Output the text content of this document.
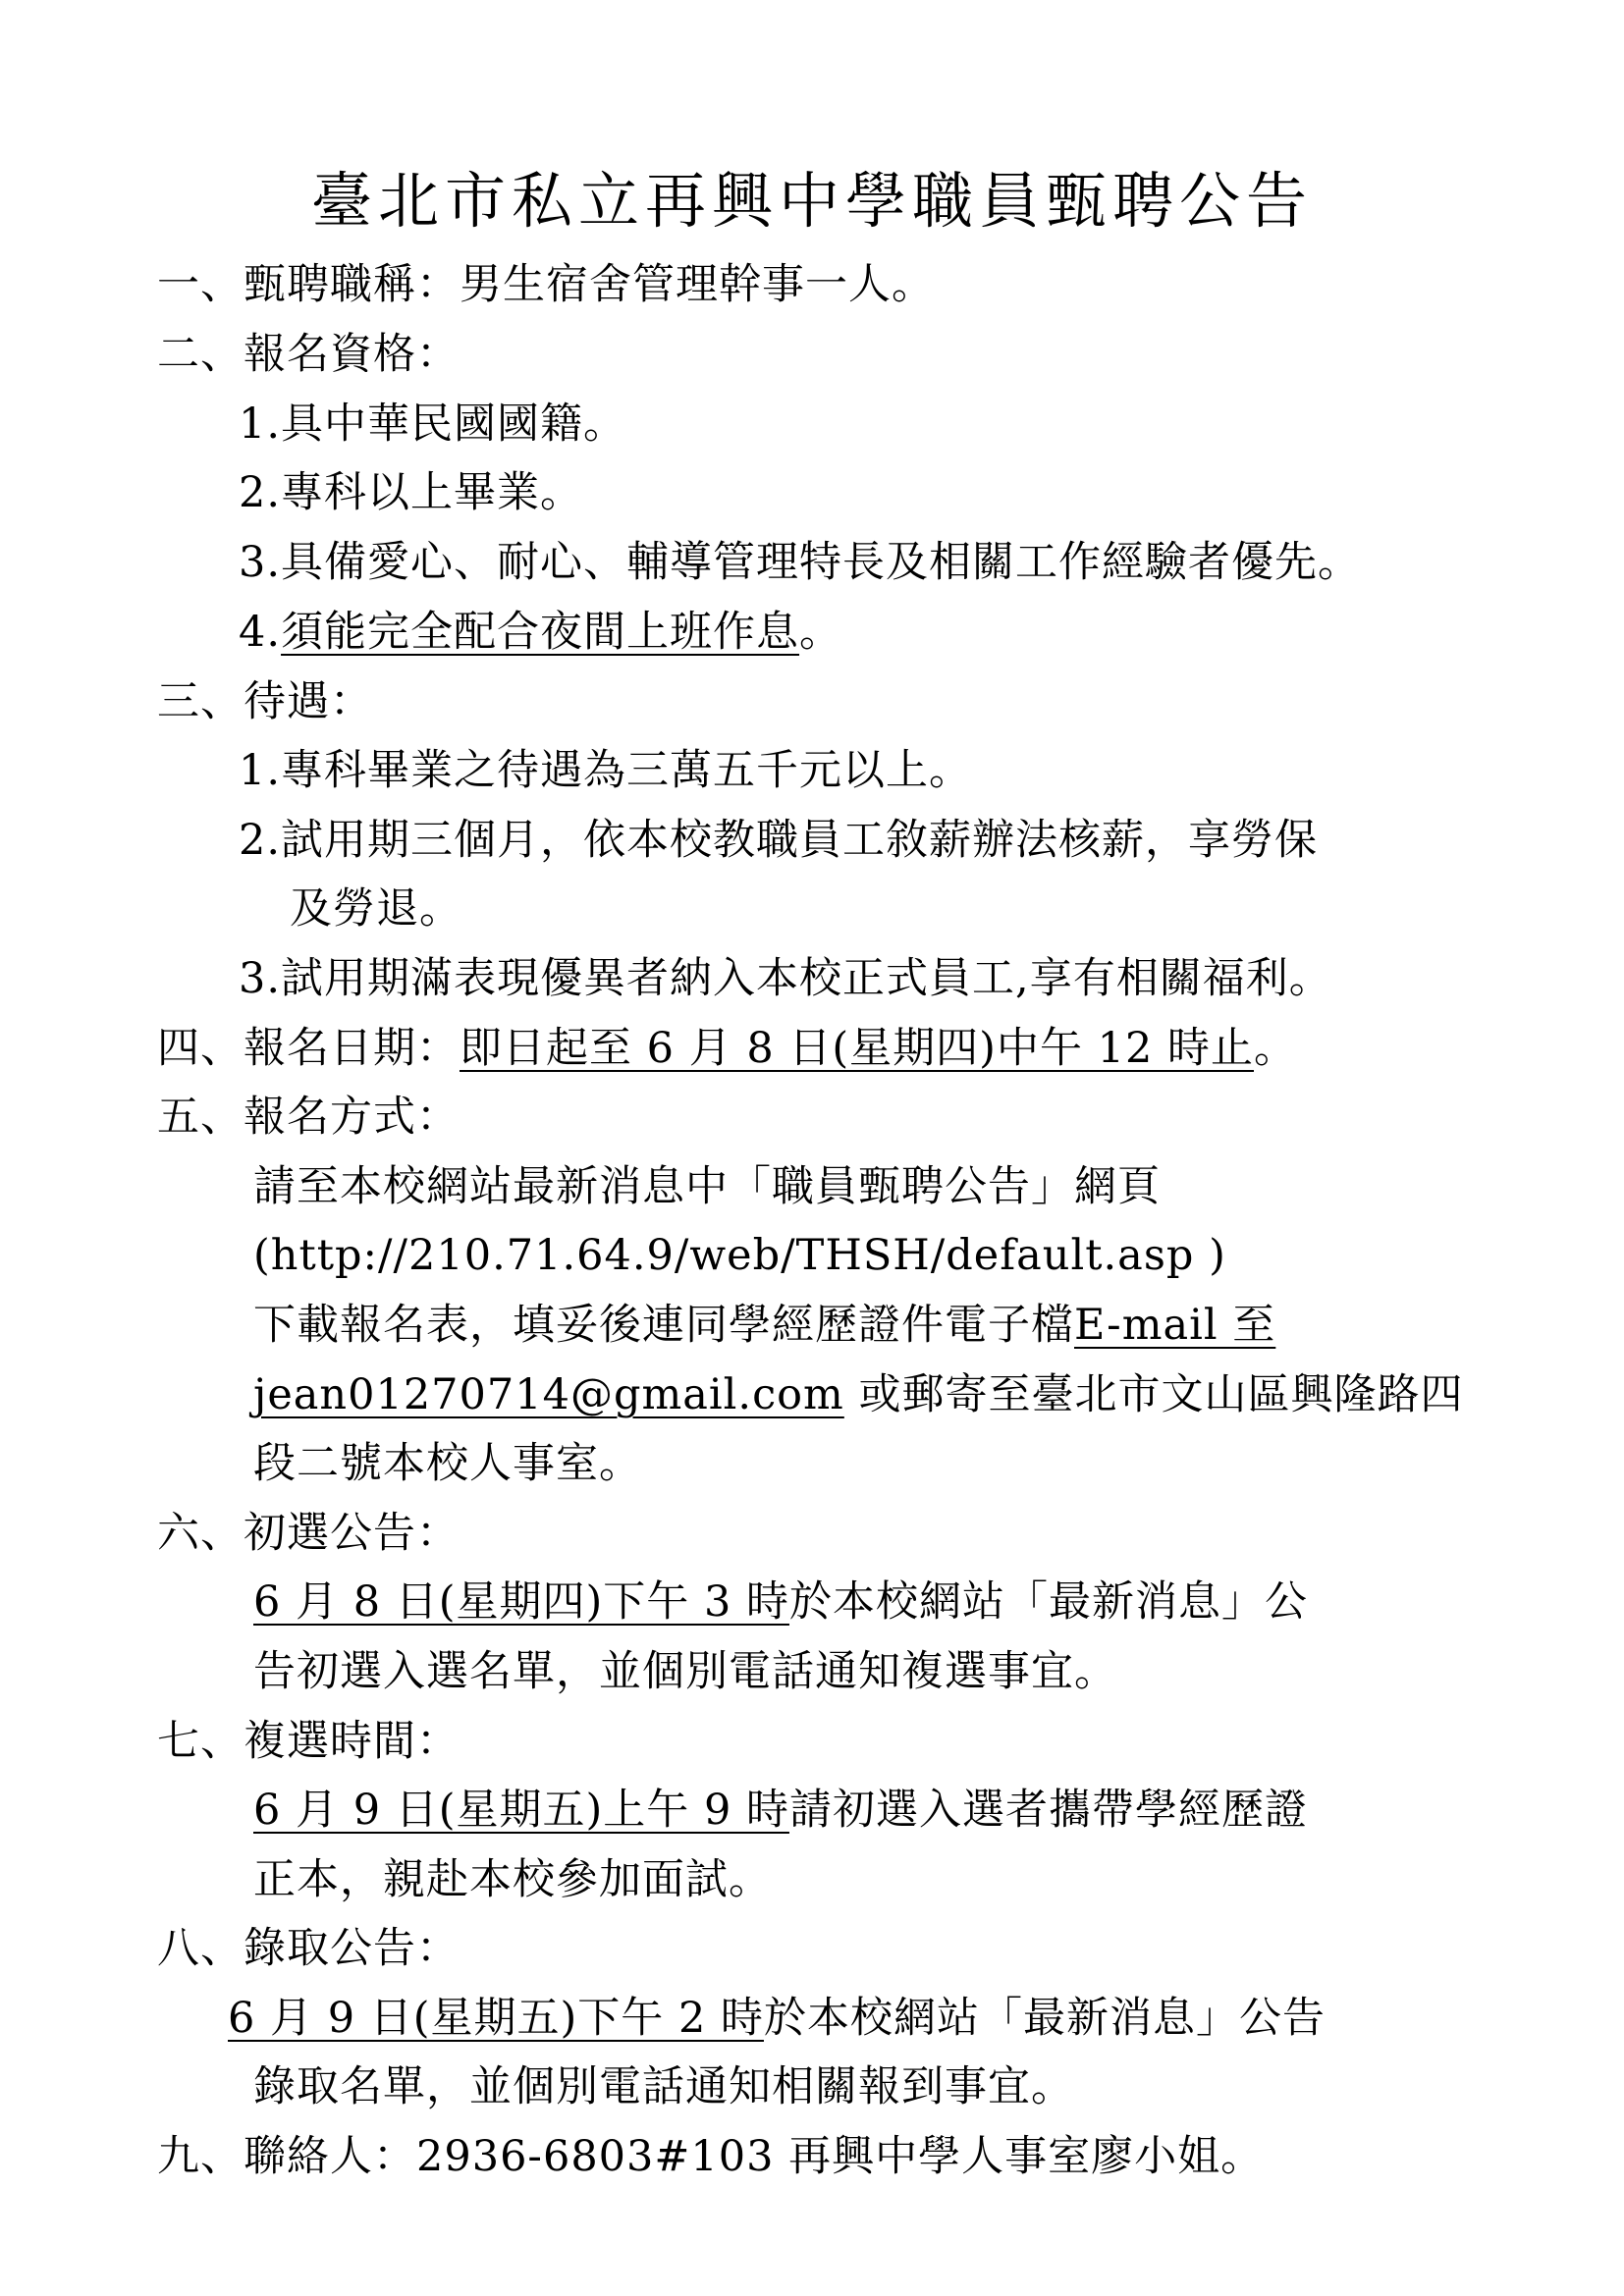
臺北市私立再興中學職員甄聘公告
一、甄聘職稱：男生宿舍管理幹事一人。
二、報名資格：
1.具中華民國國籍。
2.專科以上畢業。
3.具備愛心、耐心、輔導管理特長及相關工作經驗者優先。
4.須能完全配合夜間上班作息。
三、待遇：
1.專科畢業之待遇為三萬五千元以上。
2.試用期三個月，依本校教職員工敘薪辦法核薪，享勞保
及勞退。
3.試用期滿表現優異者納入本校正式員工,享有相關福利。
四、報名日期：即日起至 6 月 8 日(星期四)中午 12 時止。
五、報名方式：
請至本校網站最新消息中「職員甄聘公告」網頁
(http://210.71.64.9/web/THSH/default.asp )
下載報名表，填妥後連同學經歷證件電子檔E-mail 至
jean01270714@gmail.com 或郵寄至臺北市文山區興隆路四
段二號本校人事室。
六、初選公告：
6 月 8 日(星期四)下午 3 時於本校網站「最新消息」公
告初選入選名單，並個別電話通知複選事宜。
七、複選時間：
6 月 9 日(星期五)上午 9 時請初選入選者攜帶學經歷證
正本，親赴本校參加面試。
八、錄取公告：
6 月 9 日(星期五)下午 2 時於本校網站「最新消息」公告
錄取名單，並個別電話通知相關報到事宜。
九、聯絡人：2936-6803#103 再興中學人事室廖小姐。
